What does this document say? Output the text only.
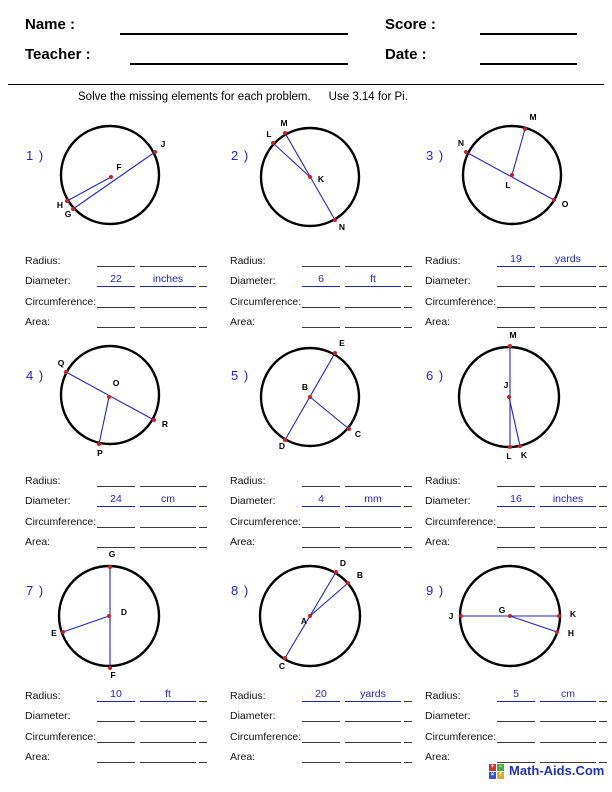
Name :	Score :
Teacher :	Date :
Solve the missing elements for each problem. Use 3.14 for Pi.
1 )
J
F
H
G
Radius:
Diameter:	22	inches
Circumference:
Area:
2 )
M
L
K
N
Radius:
Diameter:	6	ft
Circumference:
Area:
3 )
M
N
L
O
Radius:	19	yards
Diameter:
Circumference:
Area:
4 )
Q
O
R
P
Radius:
Diameter:	24	cm
Circumference:
Area:
5 )
E
B
D
C
Radius:
Diameter:	4	mm
Circumference:
Area:
6 )
M
J
L K
Radius:
Diameter:	16	inches
Circumference:
Area:
7 )
G
D
F
E
Radius:	10	ft
Diameter:
Circumference:
Area:
8 )
D
B
A
C
Radius:	20	yards
Diameter:
Circumference:
Area:
9 )
J
G	K
H
Radius:	5	cm
Diameter:
Circumference:
Area:
+ −
× ÷ Math-Aids.Com
